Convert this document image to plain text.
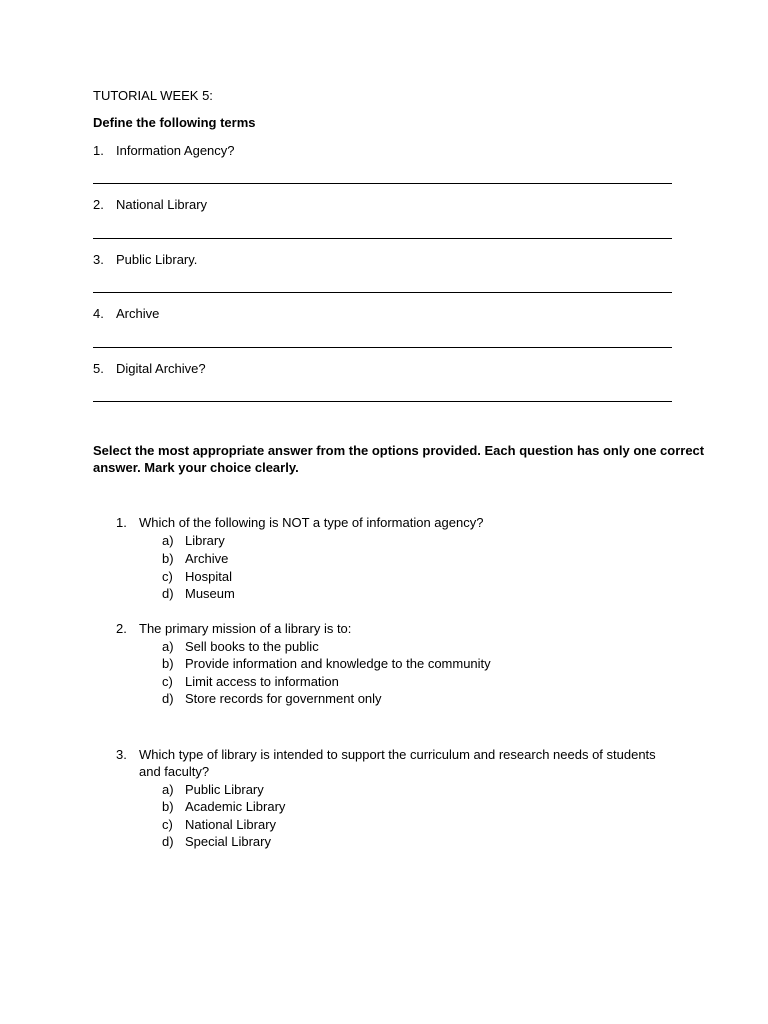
TUTORIAL WEEK 5:
Define the following terms
1. Information Agency?
2. National Library
3. Public Library.
4. Archive
5. Digital Archive?
Select the most appropriate answer from the options provided. Each question has only one correct
answer. Mark your choice clearly.
1. Which of the following is NOT a type of information agency?
a) Library
b) Archive
c) Hospital
d) Museum
2. The primary mission of a library is to:
a) Sell books to the public
b) Provide information and knowledge to the community
c) Limit access to information
d) Store records for government only
3. Which type of library is intended to support the curriculum and research needs of students
and faculty?
a) Public Library
b) Academic Library
c) National Library
d) Special Library
